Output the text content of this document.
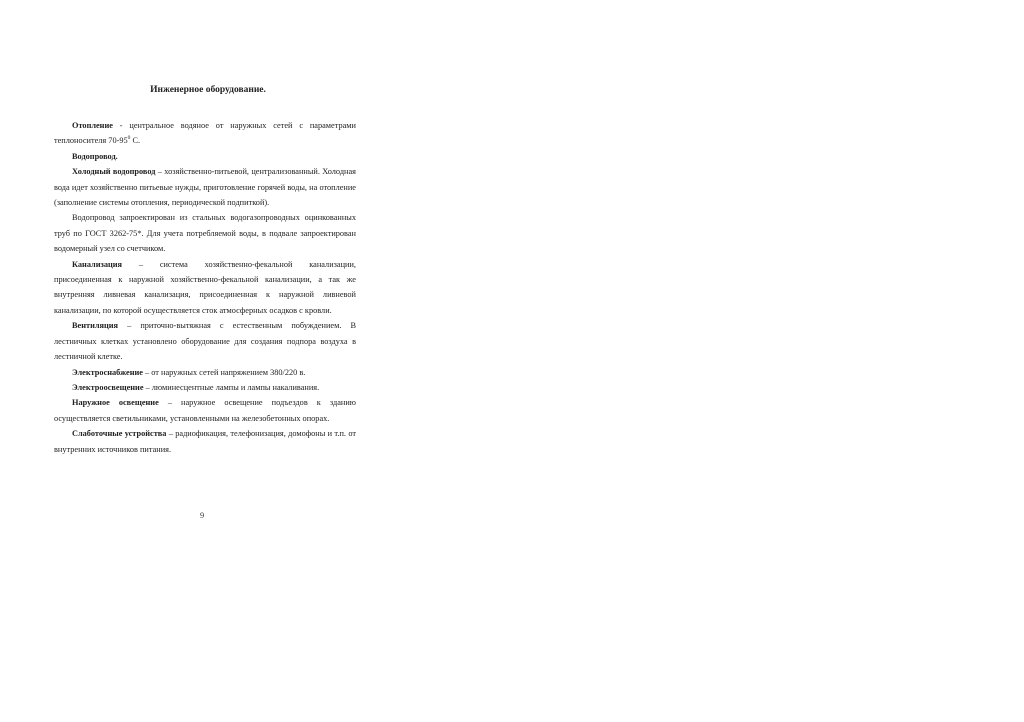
Инженерное оборудование.

Отопление - центральное водяное от наружных сетей с параметрами теплоносителя $70-95^0$ С.

Водопровод.

Холодный водопровод – хозяйственно-питьевой, централизованный. Холодная вода идет хозяйственно питьевые нужды, приготовление горячей воды, на отопление (заполнение системы отопления, периодической подпиткой).

Водопровод запроектирован из стальных водогазопроводных оцинкованных труб по ГОСТ 3262-75*. Для учета потребляемой воды, в подвале запроектирован водомерный узел со счетчиком.

Канализация – система хозяйственно-фекальной канализации, присоединенная к наружной хозяйственно-фекальной канализации, а так же внутренняя ливневая канализация, присоединенная к наружной ливневой канализации, по которой осуществляется сток атмосферных осадков с кровли.

Вентиляция – приточно-вытяжная с естественным побуждением. В лестничных клетках установлено оборудование для создания подпора воздуха в лестничной клетке.

Электроснабжение – от наружных сетей напряжением 380/220 в.

Электроосвещение – люминесцентные лампы и лампы накаливания.

Наружное освещение – наружное освещение подъездов к зданию осуществляется светильниками, установленными на железобетонных опорах.

Слаботочные устройства – радиофикация, телефонизация, домофоны и т.п. от внутренних источников питания.

9
